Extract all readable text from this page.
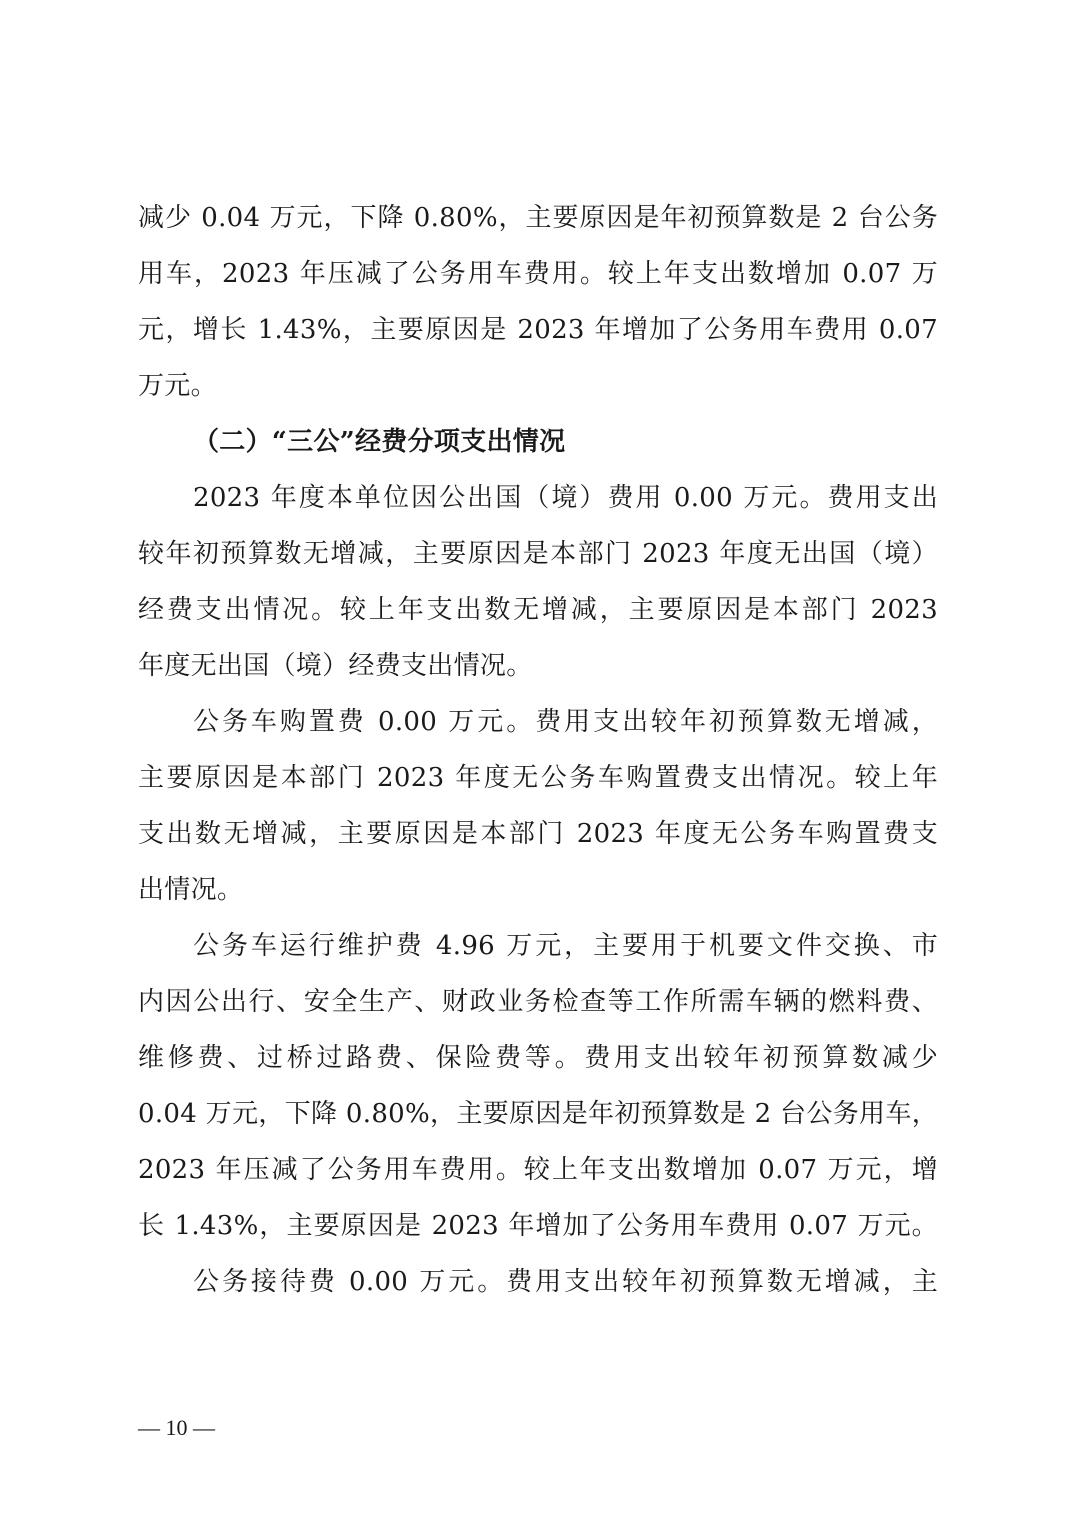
减少 0.04 万元，下降 0.80%，主要原因是年初预算数是 2 台公务
用车，2023 年压减了公务用车费用。较上年支出数增加 0.07 万
元，增长 1.43%，主要原因是 2023 年增加了公务用车费用 0.07
万元。
（二）“三公”经费分项支出情况
2023 年度本单位因公出国（境）费用 0.00 万元。费用支出
较年初预算数无增减，主要原因是本部门 2023 年度无出国（境）
经费支出情况。较上年支出数无增减，主要原因是本部门 2023
年度无出国（境）经费支出情况。
公务车购置费 0.00 万元。费用支出较年初预算数无增减，
主要原因是本部门 2023 年度无公务车购置费支出情况。较上年
支出数无增减，主要原因是本部门 2023 年度无公务车购置费支
出情况。
公务车运行维护费 4.96 万元，主要用于机要文件交换、市
内因公出行、安全生产、财政业务检查等工作所需车辆的燃料费、
维修费、过桥过路费、保险费等。费用支出较年初预算数减少
0.04 万元，下降 0.80%，主要原因是年初预算数是 2 台公务用车，
2023 年压减了公务用车费用。较上年支出数增加 0.07 万元，增
长 1.43%，主要原因是 2023 年增加了公务用车费用 0.07 万元。
公务接待费 0.00 万元。费用支出较年初预算数无增减，主
— 10 —
